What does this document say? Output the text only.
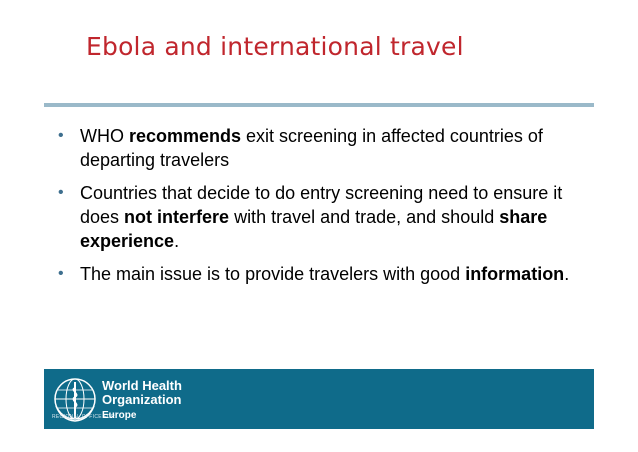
Ebola and international travel
• WHO recommends exit screening in affected countries of departing travelers
• Countries that decide to do entry screening need to ensure it does not interfere with travel and trade, and should share experience.
• The main issue is to provide travelers with good information.
World Health
Organization
REGIONAL OFFICE FOR
Europe
